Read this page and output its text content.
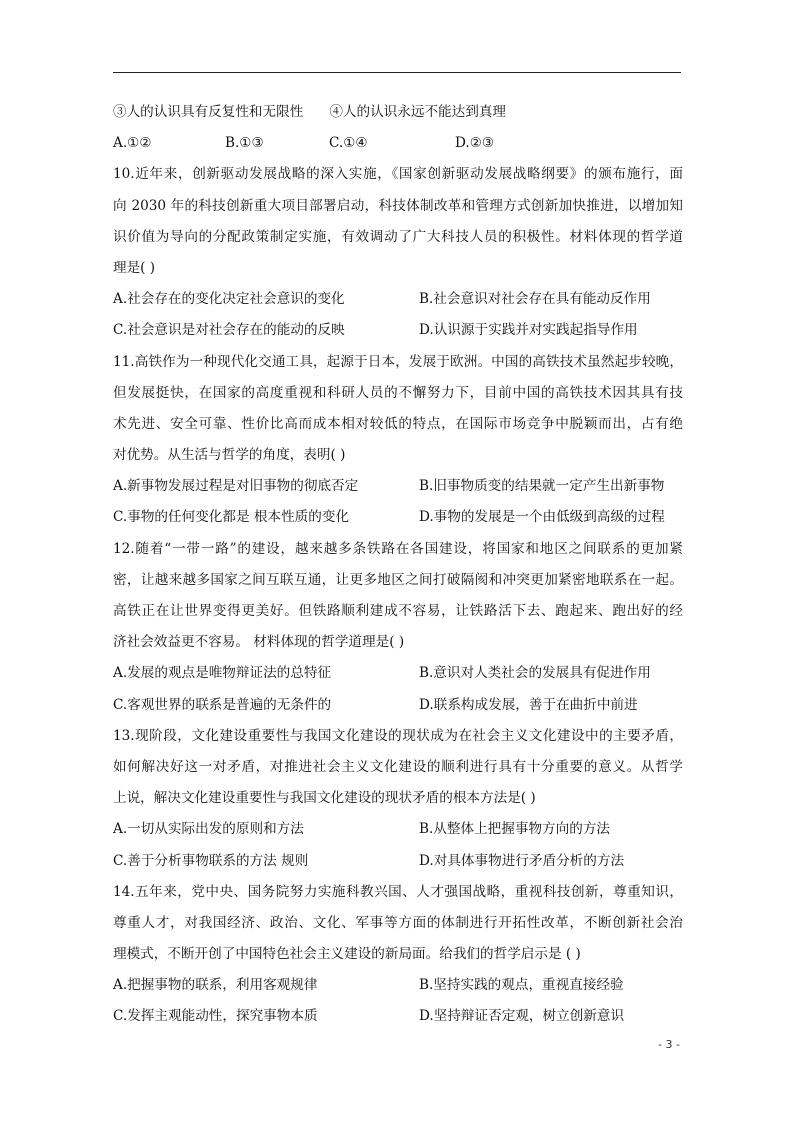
③人的认识具有反复性和无限性 ④人的认识永远不能达到真理
A.①②	B.①③	C.①④	D.②③
10.近年来，创新驱动发展战略的深入实施，《国家创新驱动发展战略纲要》的颁布施行，面
向 2030 年的科技创新重大项目部署启动，科技体制改革和管理方式创新加快推进，以增加知
识价值为导向的分配政策制定实施，有效调动了广大科技人员的积极性。材料体现的哲学道
理是( )
A.社会存在的变化决定社会意识的变化	B.社会意识对社会存在具有能动反作用
C.社会意识是对社会存在的能动的反映	D.认识源于实践并对实践起指导作用
11.高铁作为一种现代化交通工具，起源于日本，发展于欧洲。中国的高铁技术虽然起步较晚，
但发展挺快，在国家的高度重视和科研人员的不懈努力下，目前中国的高铁技术因其具有技
术先进、安全可靠、性价比高而成本相对较低的特点，在国际市场竞争中脱颖而出，占有绝
对优势。从生活与哲学的角度，表明( )
A.新事物发展过程是对旧事物的彻底否定	B.旧事物质变的结果就一定产生出新事物
C.事物的任何变化都是 根本性质的变化	D.事物的发展是一个由低级到高级的过程
12.随着“一带一路”的建设，越来越多条铁路在各国建设，将国家和地区之间联系的更加紧
密，让越来越多国家之间互联互通，让更多地区之间打破隔阂和冲突更加紧密地联系在一起。
高铁正在让世界变得更美好。但铁路顺利建成不容易，让铁路活下去、跑起来、跑出好的经
济社会效益更不容易。 材料体现的哲学道理是( )
A.发展的观点是唯物辩证法的总特征	B.意识对人类社会的发展具有促进作用
C.客观世界的联系是普遍的无条件的	D.联系构成发展，善于在曲折中前进
13.现阶段，文化建设重要性与我国文化建设的现状成为在社会主义文化建设中的主要矛盾，
如何解决好这一对矛盾，对推进社会主义文化建设的顺利进行具有十分重要的意义。从哲学
上说，解决文化建设重要性与我国文化建设的现状矛盾的根本方法是( )
A.一切从实际出发的原则和方法	B.从整体上把握事物方向的方法
C.善于分析事物联系的方法 规则	D.对具体事物进行矛盾分析的方法
14.五年来，党中央、国务院努力实施科教兴国、人才强国战略，重视科技创新，尊重知识，
尊重人才，对我国经济、政治、文化、军事等方面的体制进行开拓性改革，不断创新社会治
理模式，不断开创了中国特色社会主义建设的新局面。给我们的哲学启示是 ( )
A.把握事物的联系，利用客观规律	B.坚持实践的观点，重视直接经验
C.发挥主观能动性，探究事物本质	D.坚持辩证否定观，树立创新意识
- 3 -
